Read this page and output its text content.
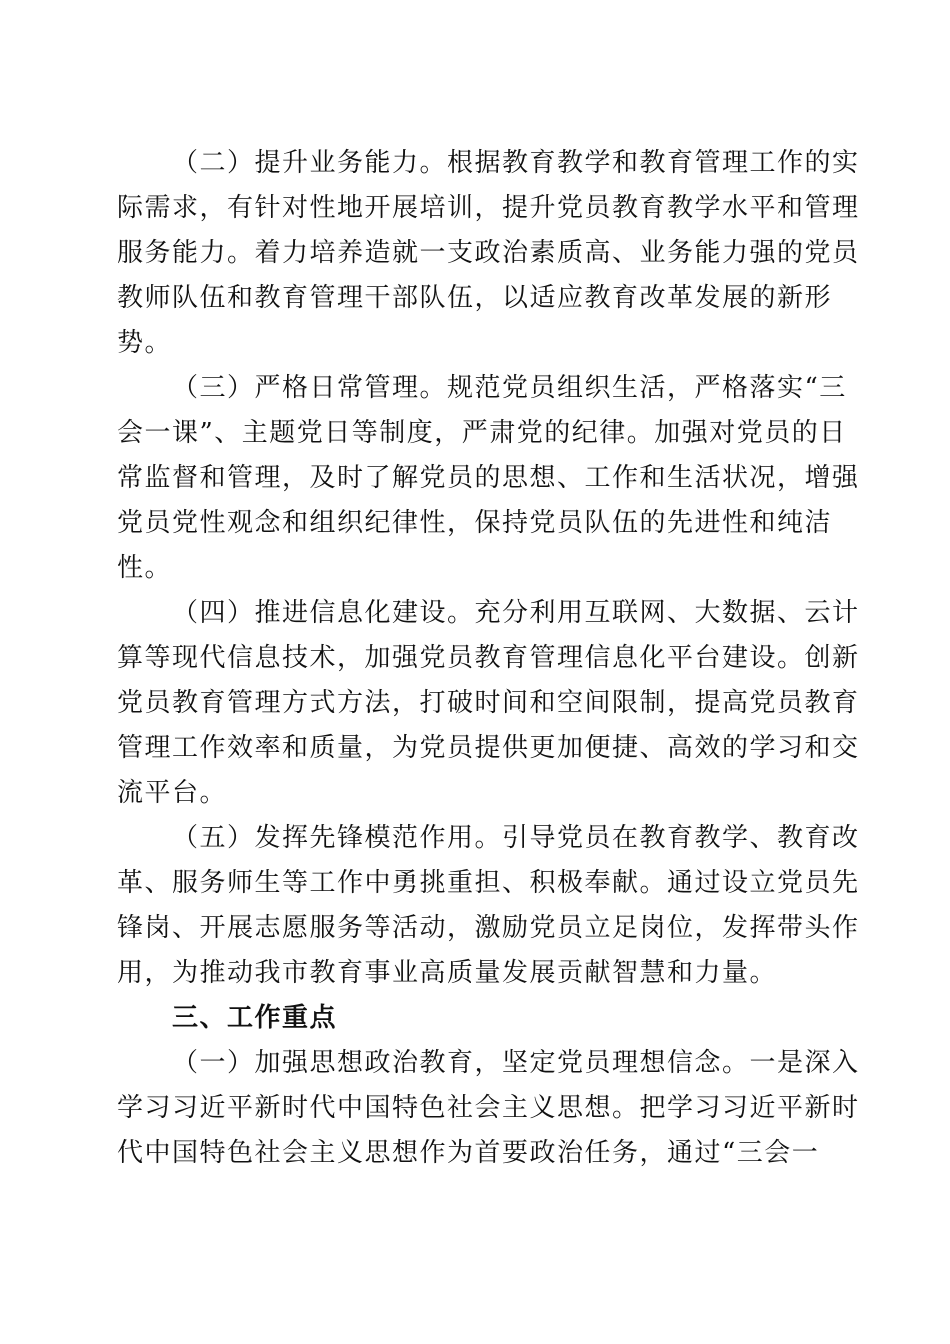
（二）提升业务能力。根据教育教学和教育管理工作的实
际需求，有针对性地开展培训，提升党员教育教学水平和管理
服务能力。着力培养造就一支政治素质高、业务能力强的党员
教师队伍和教育管理干部队伍，以适应教育改革发展的新形
势。
（三）严格日常管理。规范党员组织生活，严格落实“三
会一课”、主题党日等制度，严肃党的纪律。加强对党员的日
常监督和管理，及时了解党员的思想、工作和生活状况，增强
党员党性观念和组织纪律性，保持党员队伍的先进性和纯洁
性。
（四）推进信息化建设。充分利用互联网、大数据、云计
算等现代信息技术，加强党员教育管理信息化平台建设。创新
党员教育管理方式方法，打破时间和空间限制，提高党员教育
管理工作效率和质量，为党员提供更加便捷、高效的学习和交
流平台。
（五）发挥先锋模范作用。引导党员在教育教学、教育改
革、服务师生等工作中勇挑重担、积极奉献。通过设立党员先
锋岗、开展志愿服务等活动，激励党员立足岗位，发挥带头作
用，为推动我市教育事业高质量发展贡献智慧和力量。
三、工作重点
（一）加强思想政治教育，坚定党员理想信念。一是深入
学习习近平新时代中国特色社会主义思想。把学习习近平新时
代中国特色社会主义思想作为首要政治任务，通过“三会一
